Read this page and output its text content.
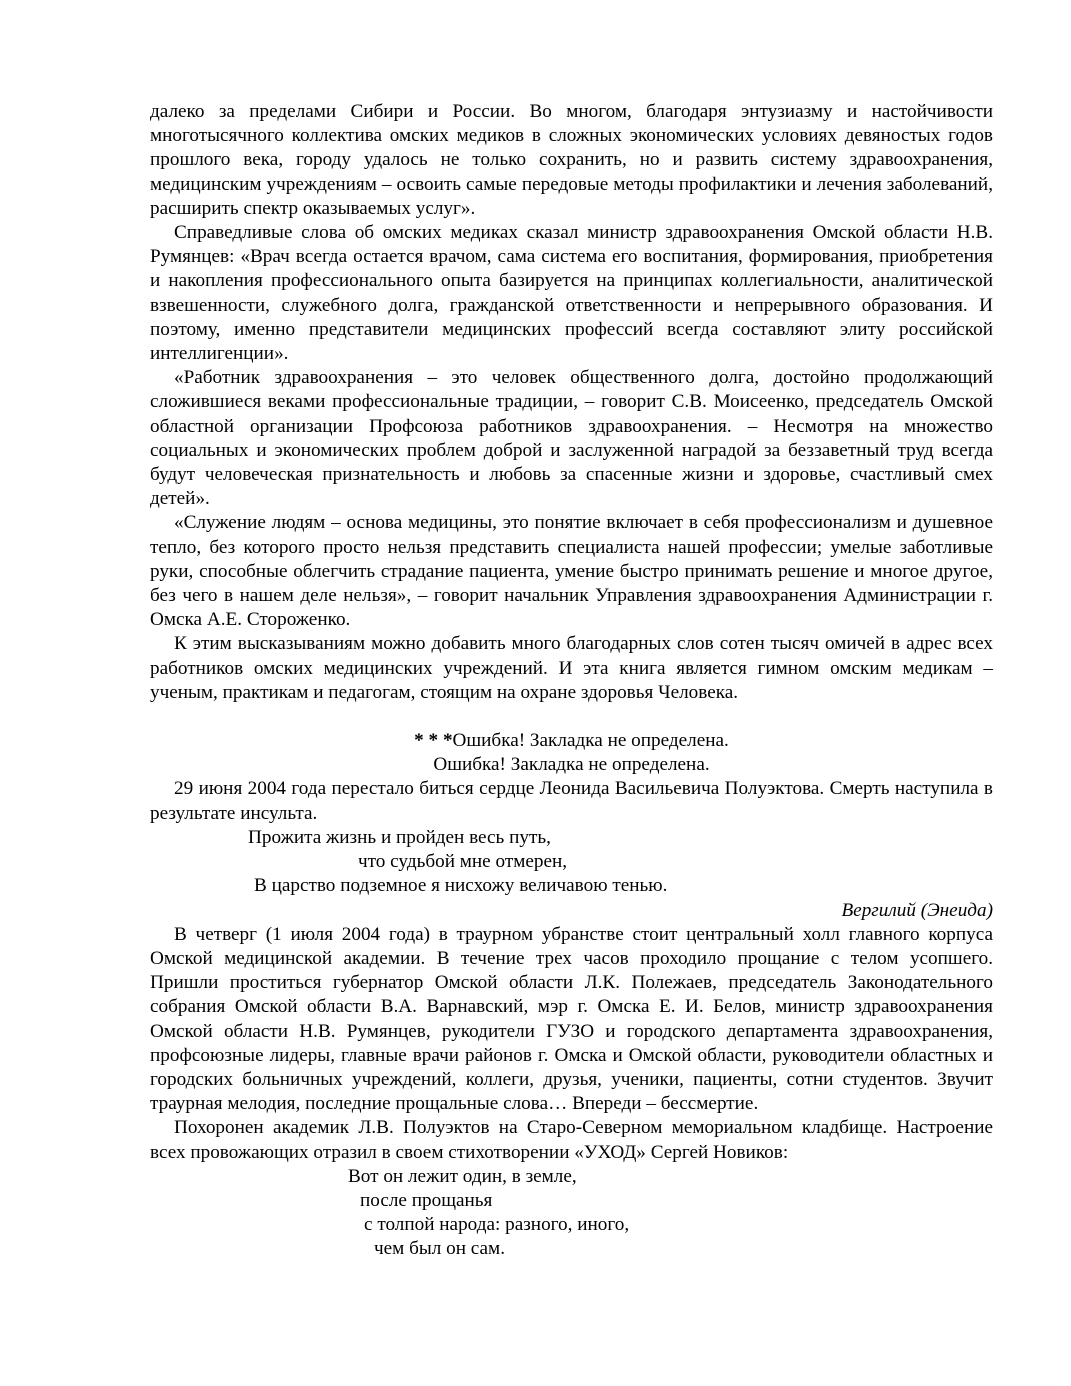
далеко за пределами Сибири и России. Во многом, благодаря энтузиазму и настойчивости многотысячного коллектива омских медиков в сложных экономических условиях девяностых годов прошлого века, городу удалось не только сохранить, но и развить систему здравоохранения, медицинским учреждениям – освоить самые передовые методы профилактики и лечения заболеваний, расширить спектр оказываемых услуг».

Справедливые слова об омских медиках сказал министр здравоохранения Омской области Н.В. Румянцев: «Врач всегда остается врачом, сама система его воспитания, формирования, приобретения и накопления профессионального опыта базируется на принципах коллегиальности, аналитической взвешенности, служебного долга, гражданской ответственности и непрерывного образования. И поэтому, именно представители медицинских профессий всегда составляют элиту российской интеллигенции».

«Работник здравоохранения – это человек общественного долга, достойно продолжающий сложившиеся веками профессиональные традиции, – говорит С.В. Моисеенко, председатель Омской областной организации Профсоюза работников здравоохранения. – Несмотря на множество социальных и экономических проблем доброй и заслуженной наградой за беззаветный труд всегда будут человеческая признательность и любовь за спасенные жизни и здоровье, счастливый смех детей».

«Служение людям – основа медицины, это понятие включает в себя профессионализм и душевное тепло, без которого просто нельзя представить специалиста нашей профессии; умелые заботливые руки, способные облегчить страдание пациента, умение быстро принимать решение и многое другое, без чего в нашем деле нельзя», – говорит начальник Управления здравоохранения Администрации г. Омска А.Е. Стороженко.

К этим высказываниям можно добавить много благодарных слов сотен тысяч омичей в адрес всех работников омских медицинских учреждений. И эта книга является гимном омским медикам – ученым, практикам и педагогам, стоящим на охране здоровья Человека.

* * *Ошибка! Закладка не определена.

Ошибка! Закладка не определена.

29 июня 2004 года перестало биться сердце Леонида Васильевича Полуэктова. Смерть наступила в результате инсульта.

Прожита жизнь и пройден весь путь,

что судьбой мне отмерен,

В царство подземное я нисхожу величавою тенью.

Вергилий (Энеида)

В четверг (1 июля 2004 года) в траурном убранстве стоит центральный холл главного корпуса Омской медицинской академии. В течение трех часов проходило прощание с телом усопшего. Пришли проститься губернатор Омской области Л.К. Полежаев, председатель Законодательного собрания Омской области В.А. Варнавский, мэр г. Омска Е. И. Белов, министр здравоохранения Омской области Н.В. Румянцев, рукодители ГУЗО и городского департамента здравоохранения, профсоюзные лидеры, главные врачи районов г. Омска и Омской области, руководители областных и городских больничных учреждений, коллеги, друзья, ученики, пациенты, сотни студентов. Звучит траурная мелодия, последние прощальные слова… Впереди – бессмертие.

Похоронен академик Л.В. Полуэктов на Старо-Северном мемориальном кладбище. Настроение всех провожающих отразил в своем стихотворении «УХОД» Сергей Новиков:

Вот он лежит один, в земле,

после прощанья

с толпой народа: разного, иного,

чем был он сам.
